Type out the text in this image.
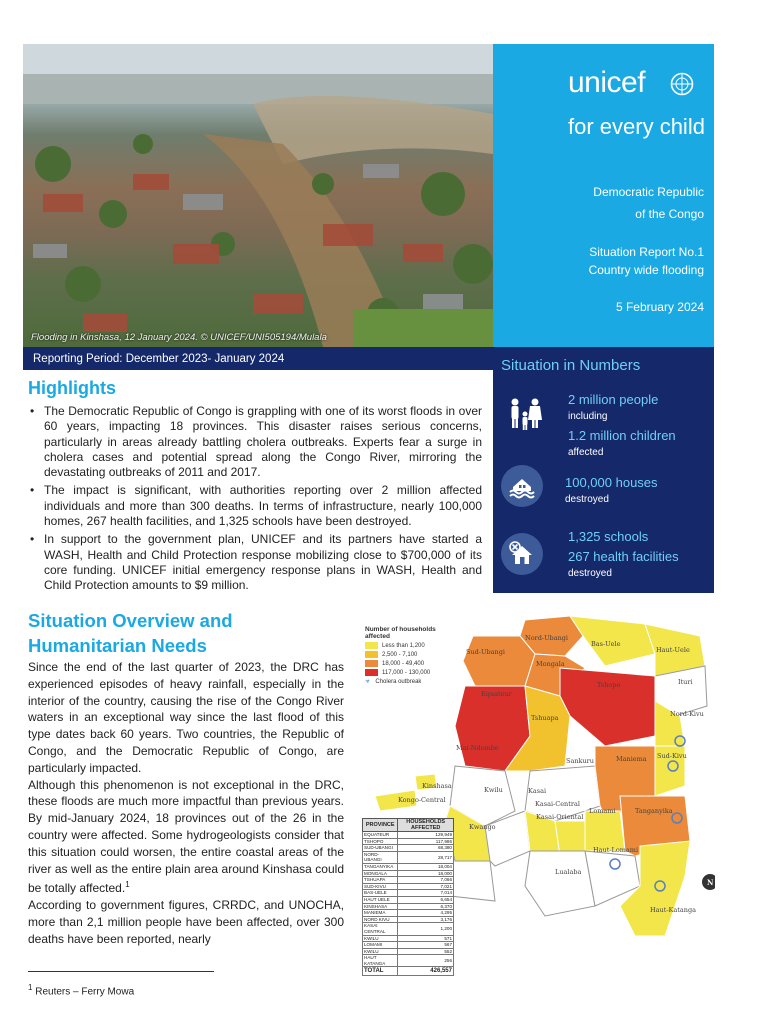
Flooding in Kinshasa, 12 January 2024. © UNICEF/UNI505194/Mulala
unicef
for every child
Democratic Republic
of the Congo
Situation Report No.1
Country wide flooding
5 February 2024
Reporting Period: December 2023- January 2024	Situation in Numbers
2 million people
including
1.2 million children
affected
100,000 houses
destroyed
1,325 schools
267 health facilities
destroyed
Highlights
• The Democratic Republic of Congo is grappling with one of its worst floods in over 60 years, impacting 18 provinces. This disaster raises serious concerns, particularly in areas already battling cholera outbreaks. Experts fear a surge in cholera cases and potential spread along the Congo River, mirroring the devastating outbreaks of 2011 and 2017.
• The impact is significant, with authorities reporting over 2 million affected individuals and more than 300 deaths. In terms of infrastructure, nearly 100,000 homes, 267 health facilities, and 1,325 schools have been destroyed.
• In support to the government plan, UNICEF and its partners have started a WASH, Health and Child Protection response mobilizing close to $700,000 of its core funding. UNICEF initial emergency response plans in WASH, Health and Child Protection amounts to $9 million.
Situation Overview and
Humanitarian Needs

Since the end of the last quarter of 2023, the DRC has experienced episodes of heavy rainfall, especially in the interior of the country, causing the rise of the Congo River waters in an exceptional way since the last flood of this type dates back 60 years. Two countries, the Republic of Congo, and the Democratic Republic of Congo, are particularly impacted.

Although this phenomenon is not exceptional in the DRC, these floods are much more impactful than previous years. By mid-January 2024, 18 provinces out of the 26 in the country were affected. Some hydrogeologists consider that this situation could worsen, the entire coastal areas of the river as well as the entire plain area around Kinshasa could be totally affected.$^1$

According to government figures, CRRDC, and UNOCHA, more than 2,1 million people have been affected, over 300 deaths have been reported, nearly

$^1$ Reuters – Ferry Mowa
Number of households affected
Less than 1,200
2,500 - 7,100
18,000 - 49,400
117,000 - 130,000
☣ Cholera outbreak
Nord-Ubangi
Bas-Uele
Sud-Ubangi
Mongala
Haut-Uele
Ituri
Equateur
Tshopo
Tshuapa	Nord-Kivu
Mai-Ndombe
Sankuru
Sud-Kivu
Maniema
Kinshasa
Kongo-Central
Kwilu	Kasai
Kasai-Central
Kasai-Oriental
Lomami	Tanganyika
Kwango
Haut-Lomami
Lualaba
Haut-Katanga
N
PROVINCE	HOUSEHOLDS AFFECTED
EQUATEUR	129,949
TSHOPO	117,986
SUD-UBANGI	68,380
NORD-UBANGI	28,717
TANGANYIKA	18,004
MONGALA	18,000
TSHUAPA	7,066
SUD-KIVU	7,021
BAS-UELE	7,014
HAUT UELE	6,654
KINSHASA	6,370
MANIEMA	4,295
NORD KIVU	3,176
KASAI CENTRAL	1,200
KWILU	571
LOMAMI	567
KWILU	552
HAUT KATANGA	256
TOTAL	426,557
